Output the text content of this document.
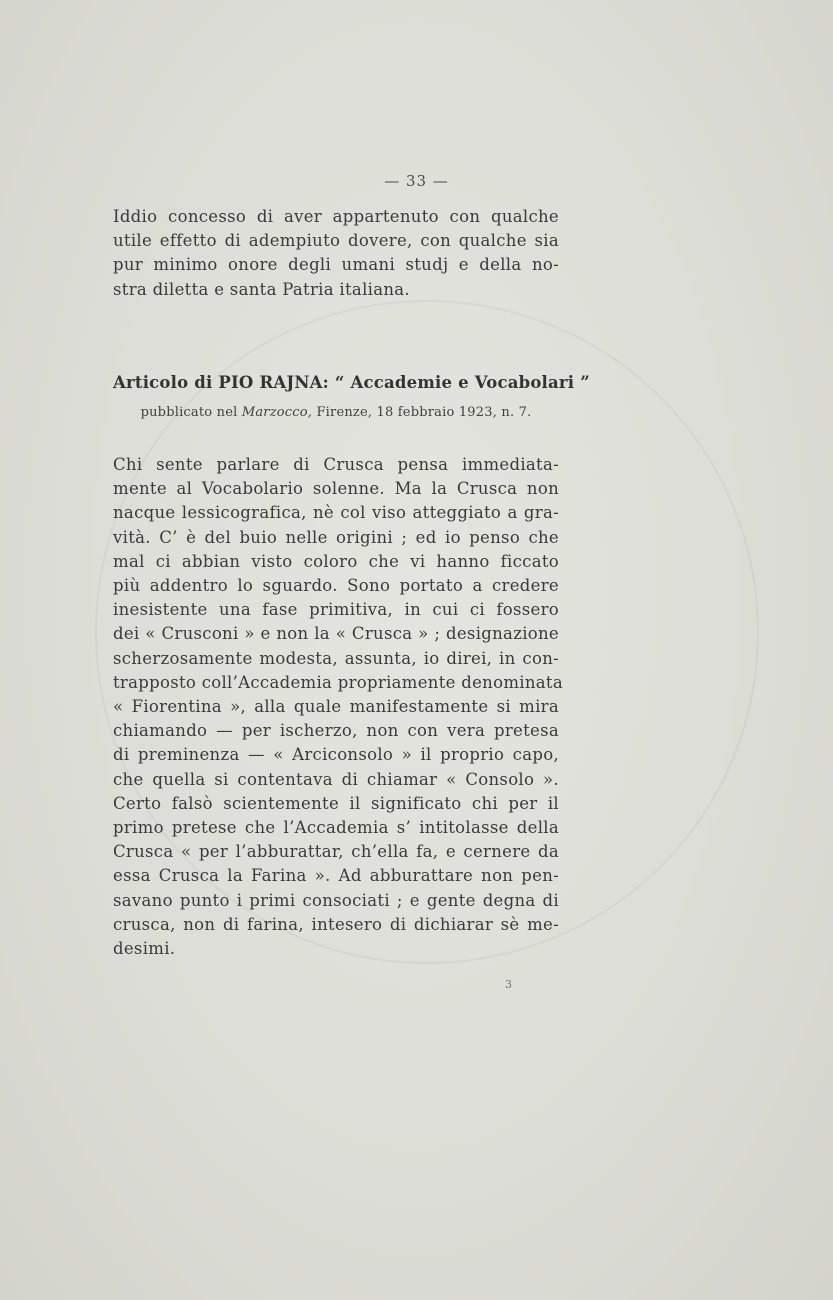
— 33 —
Iddio concesso di aver appartenuto con qualche
utile effetto di adempiuto dovere, con qualche sia
pur minimo onore degli umani studj e della no-
stra diletta e santa Patria italiana.
Articolo di PIO RAJNA: “ Accademie e Vocabolari ”
pubblicato nel Marzocco, Firenze, 18 febbraio 1923, n. 7.
Chi sente parlare di Crusca pensa immediata-
mente al Vocabolario solenne. Ma la Crusca non
nacque lessicografica, nè col viso atteggiato a gra-
vità. C’ è del buio nelle origini ; ed io penso che
mal ci abbian visto coloro che vi hanno ficcato
più addentro lo sguardo. Sono portato a credere
inesistente una fase primitiva, in cui ci fossero
dei « Crusconi » e non la « Crusca » ; designazione
scherzosamente modesta, assunta, io direi, in con-
trapposto coll’Accademia propriamente denominata
« Fiorentina », alla quale manifestamente si mira
chiamando — per ischerzo, non con vera pretesa
di preminenza — « Arciconsolo » il proprio capo,
che quella si contentava di chiamar « Consolo ».
Certo falsò scientemente il significato chi per il
primo pretese che l’Accademia s’ intitolasse della
Crusca « per l’abburattar, ch’ella fa, e cernere da
essa Crusca la Farina ». Ad abburattare non pen-
savano punto i primi consociati ; e gente degna di
crusca, non di farina, intesero di dichiarar sè me-
desimi.
3
